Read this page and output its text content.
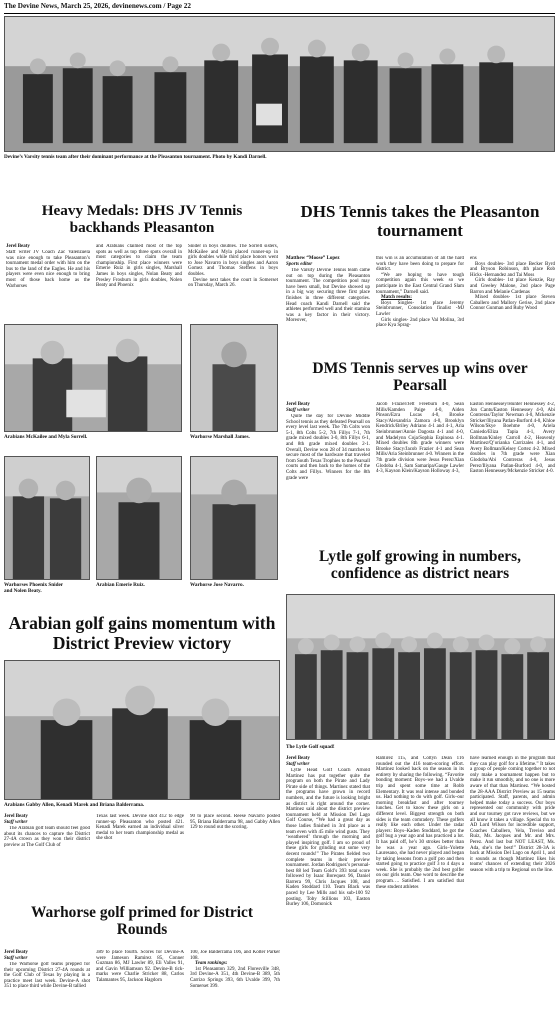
The Devine News, March 25, 2026, devinenews.com / Page 22
Devine’s Varsity tennis team after their dominant performance at the Pleasanton tournament. Photo by Kandi Darnell.
Heavy Medals: DHS JV Tennis backhands Pleasanton
DHS Tennis takes the Pleasanton tournament
Jerel Beaty

Staff writer JV Coach Zac Valenzuela was nice enough to take Pleasanton’s tournament medal order with him on the bus to the land of the Eagles. He and his players were even nice enough to bring most of those back home as the Warhorses

and Arabians claimed most of the top spots as well as top three spots overall in most categories to claim the team championship. First place winners were Emerie Ruiz in girls singles, Marshall James in boys singles, Nolan Beaty and Presley Frosburn in girls doubles, Nolen Beaty and Phoenix

Snider in boys doubles. The Sorrell sisters, McKailee and Myla placed runner-up in girls doubles while third place honors went to Jose Navarro in boys singles and Aaron Gomez and Thomas Steffens in boys doubles.

Devine next takes the court in Somerset on Thursday, March 26.

Arabians McKailee and Myla Sorrell.	Warhorse Marshall James.
Warhorses Phoenix Snider
and Nolen Beaty.
Arabian Emerie Ruiz.	Warhorse Jose Navarro.
Matthew “Moose” Lopez
Sports editor

The Varsity Devine Tennis team came out on top during the Pleasanton tournament. The competition pool may have been small, but Devine showed up in a big way securing three first place finishes in three different categories. Head coach Kandi Darnell said the athletes performed well and their stamina was a key factor in their victory. Moreover,

this win is an accumulation of all the hard work they have been doing to prepare for district.

“We are hoping to have tough competition again this week so we participate in the East Central Grand Slam tournament,” Darnell said.

Match results:

Boys Singles- 1st place Jeremy Steinbrunner, Consolation finalist -MJ Lawler

Girls singles- 2nd place Val Molina, 3rd place Kya Sprag-

ens

Boys doubles- 3rd place Becker Byrd and Bryson Robinson, 4th place Rob Hicks -Hernandez and Tai Moss

Girls doubles- 1st place Kenzie, Ray and Greeley Malone, 2nd place Page Barron and Melanie Cardenas

Mixed doubles- 1st place Steven Caballero and Mallory Gerise, 2nd place Connor Gunman and Ruby Wood

DMS Tennis serves up wins over Pearsall
Jerel Beaty
Staff writer

Quite the day for Devine Middle School tennis as they defeated Pearsall on every level last week. The 7th Colts won 5-1, 8th Colts 5-2, 7th Fillys 7-1, 7th grade mixed doubles 3-0, 8th Fillys 6-1, and 8th grade mixed doubles 2-1. Overall, Devine won 28 of 34 matches to secure most of the hardware that traveled from South Texas Trophies to the Pearsall courts and then back to the homes of the Colts and Fillys. Winners for the 8th grade were

Jacob Frazier/Jett Freeburn 4-0, Sean Mills/Kamden Paige 4-0, Aiden Pinson/Ezra Lucas 4-0, Brooke Stacy/Alexandria Zamora 4-0, Brooklyn Kendrick/Briley Adriano 4-1 and 4-1, Aria Steinbrunner/Annie Dagosta 4-1 and 4-0, and Madelynn Coja/Sophia Espinosa 4-1. Mixed doubles 8th grade winners were Brooke Stacy/Jacob Frazier 4-1 and Sean Mills/Aria Steinbrunner 4-0. Winners in the 7th grade division were Jesus Perez/Xian Glodoba 4-1, Sam Samaripa/Gauge Lawler 4-3, Kayson Klein/Kayson Holloway 4-3,

Easton Hennessey/Hunter Hennessey 4-2, Jon Cantu/Easton Hennessey 4-0, Abi Contreras/Taylor Newman 4-0, Mckenzie Stricker/Iliyana Patlan-Burford 4-0, Khloe Wilson/Skye Boehme 4-0, Ariela Caniedo/Eliza Tapia 4-1, Avery Bollman/Kinley Carroll 4-2, Heavenly Martinez/Q’orianka Carrizales 4-1, and Avery Bollman/Kelsey Cortez 4-2. Mixed doubles in 7th grade were Xian Glodoba/Abi Contreras 4-0, Jesus Perez/Iliyana Patlan-Burford 4-0, and Easton Hennessey/Mckenzie Stricker 4-0.

Lytle golf growing in numbers, confidence as district nears
Arabian golf gains momentum with District Preview victory
Arabians Gabby Allen, Kenadi Marek and Briana Balderrama.
Jerel Beaty
Staff writer

The Arabian golf team should feel good about its chances to capture the District 27-4A crown as they won their district preview at The Golf Club of

Texas last week. Devine shot 412 to edge runner-up Pleasanton who posted 421. Kenadi Marek earned an individual silver medal to her team championship medal as she shot

90 to place second. Reese Navarro posted 95, Briana Balderrama 98, and Gabby Allen 129 to round out the scoring.

Warhorse golf primed for District Rounds
Jerel Beaty
Staff writer

The Warhorse golf teams prepped for their upcoming District 27-4A rounds at the Golf Club of Texas by playing in a practice meet last week. Devine-A shot 351 to place third while Devine-B tallied

389 to place fourth. Scores for Devine-A were Jameson Ramirez 85, Conner Guzman 86, MJ Lawler 89, Eli Valles 91, and Gavin Williamson 92. Devine-B tick-marks were Charlie Stricker 88, Carlos Talamantes 95, Jackson Hagdorn

100, Joe Balderrama 106, and Kolter Parker 108.

Team rankings:

1st Pleasanton 329, 2nd Floresville 348, 3rd Devine-A 351, 4th Devine-B 389, 5th Carrizo Springs 393, 6th Uvalde 399, 7th Somerset 399.

The Lytle Golf squad!
Jerel Beaty
Staff writer

Lytle Head Golf Coach Arnold Martinez has put together quite the program on both the Pirate and Lady Pirate side of things. Martinez stated that the programs have grown in record numbers, and the future is looking bright as district is right around the corner. Martinez said about the district preview tournament held at Mission Del Lago Golf Course, “We had a great day as those ladies finished in 3rd place as a team even with 45 mile wind gusts. They ‘weathered’ through the morning and played inspiring golf. I am so proud of these girls for grinding out some very decent rounds!” The Pirates fielded two complete teams in their preview tournament. Jordan Rodriguez’s personal-best 88 led Team Gold’s 393 total score followed by Isaac Borequez 96, Daniel Barrera 99, Chris Jacques 108, and Kaden Stoddard 110. Team Black was paced by Lee Mills and his sub-100 92 posting. Toby Stillions 103, Easton Burley 106, Domonick

Ramirez 115, and Coltyn Dean 116 rounded out the 416 team-scoring effort. Martinez looked back on the season in its entirety by sharing the following. “Favorite bonding moment: Boys–we had a Uvalde trip and spent some time at Robb Elementary. It was real intense and bonded us. Had nothing to do with golf. Girls–our morning breakfast and after tourney lunches. Get to know these girls on a different level. Biggest strength on both sides is the team comradery. These golfers really like each other. Under the radar players: Boys–Kaden Stoddard, he got the golf bug a year ago and has practiced a lot. It has paid off, he’s 30 strokes better than he was a year ago. Girls–Yolette Lauresano, she had never played and began by taking lessons from a golf pro and then started going to practice golf 3 to 4 days a week. She is probably the 2nd best golfer on our girls team. One word to describe the program…. Satisfied. I am satisfied that these student athletes

have learned enough in the program that they can play golf for a lifetime.” It takes a group of people coming together to not only make a tournament happen but to make it run smoothly, and no one is more aware of that than Martinez. “We hosted the 28-AAA District Preview as 15 teams participated. Staff, parents, and admin helped make today a success. Our boys represented our community with pride and our tourney got rave reviews, but we all know it takes a village. Special thx to AD Lord Wilson for incredible support, Coaches Caballero, Vela, Treviso and Ruiz, Ms. Jacques and Mr. and Mrs. Perez. And last but NOT LEAST, Ms. Ada, she’s the best!” District 28-3A is back at Mission Del Lago on April 1, and it sounds as though Martinez likes his teams’ chances of extending their 2026 season with a trip to Regional on the line.
